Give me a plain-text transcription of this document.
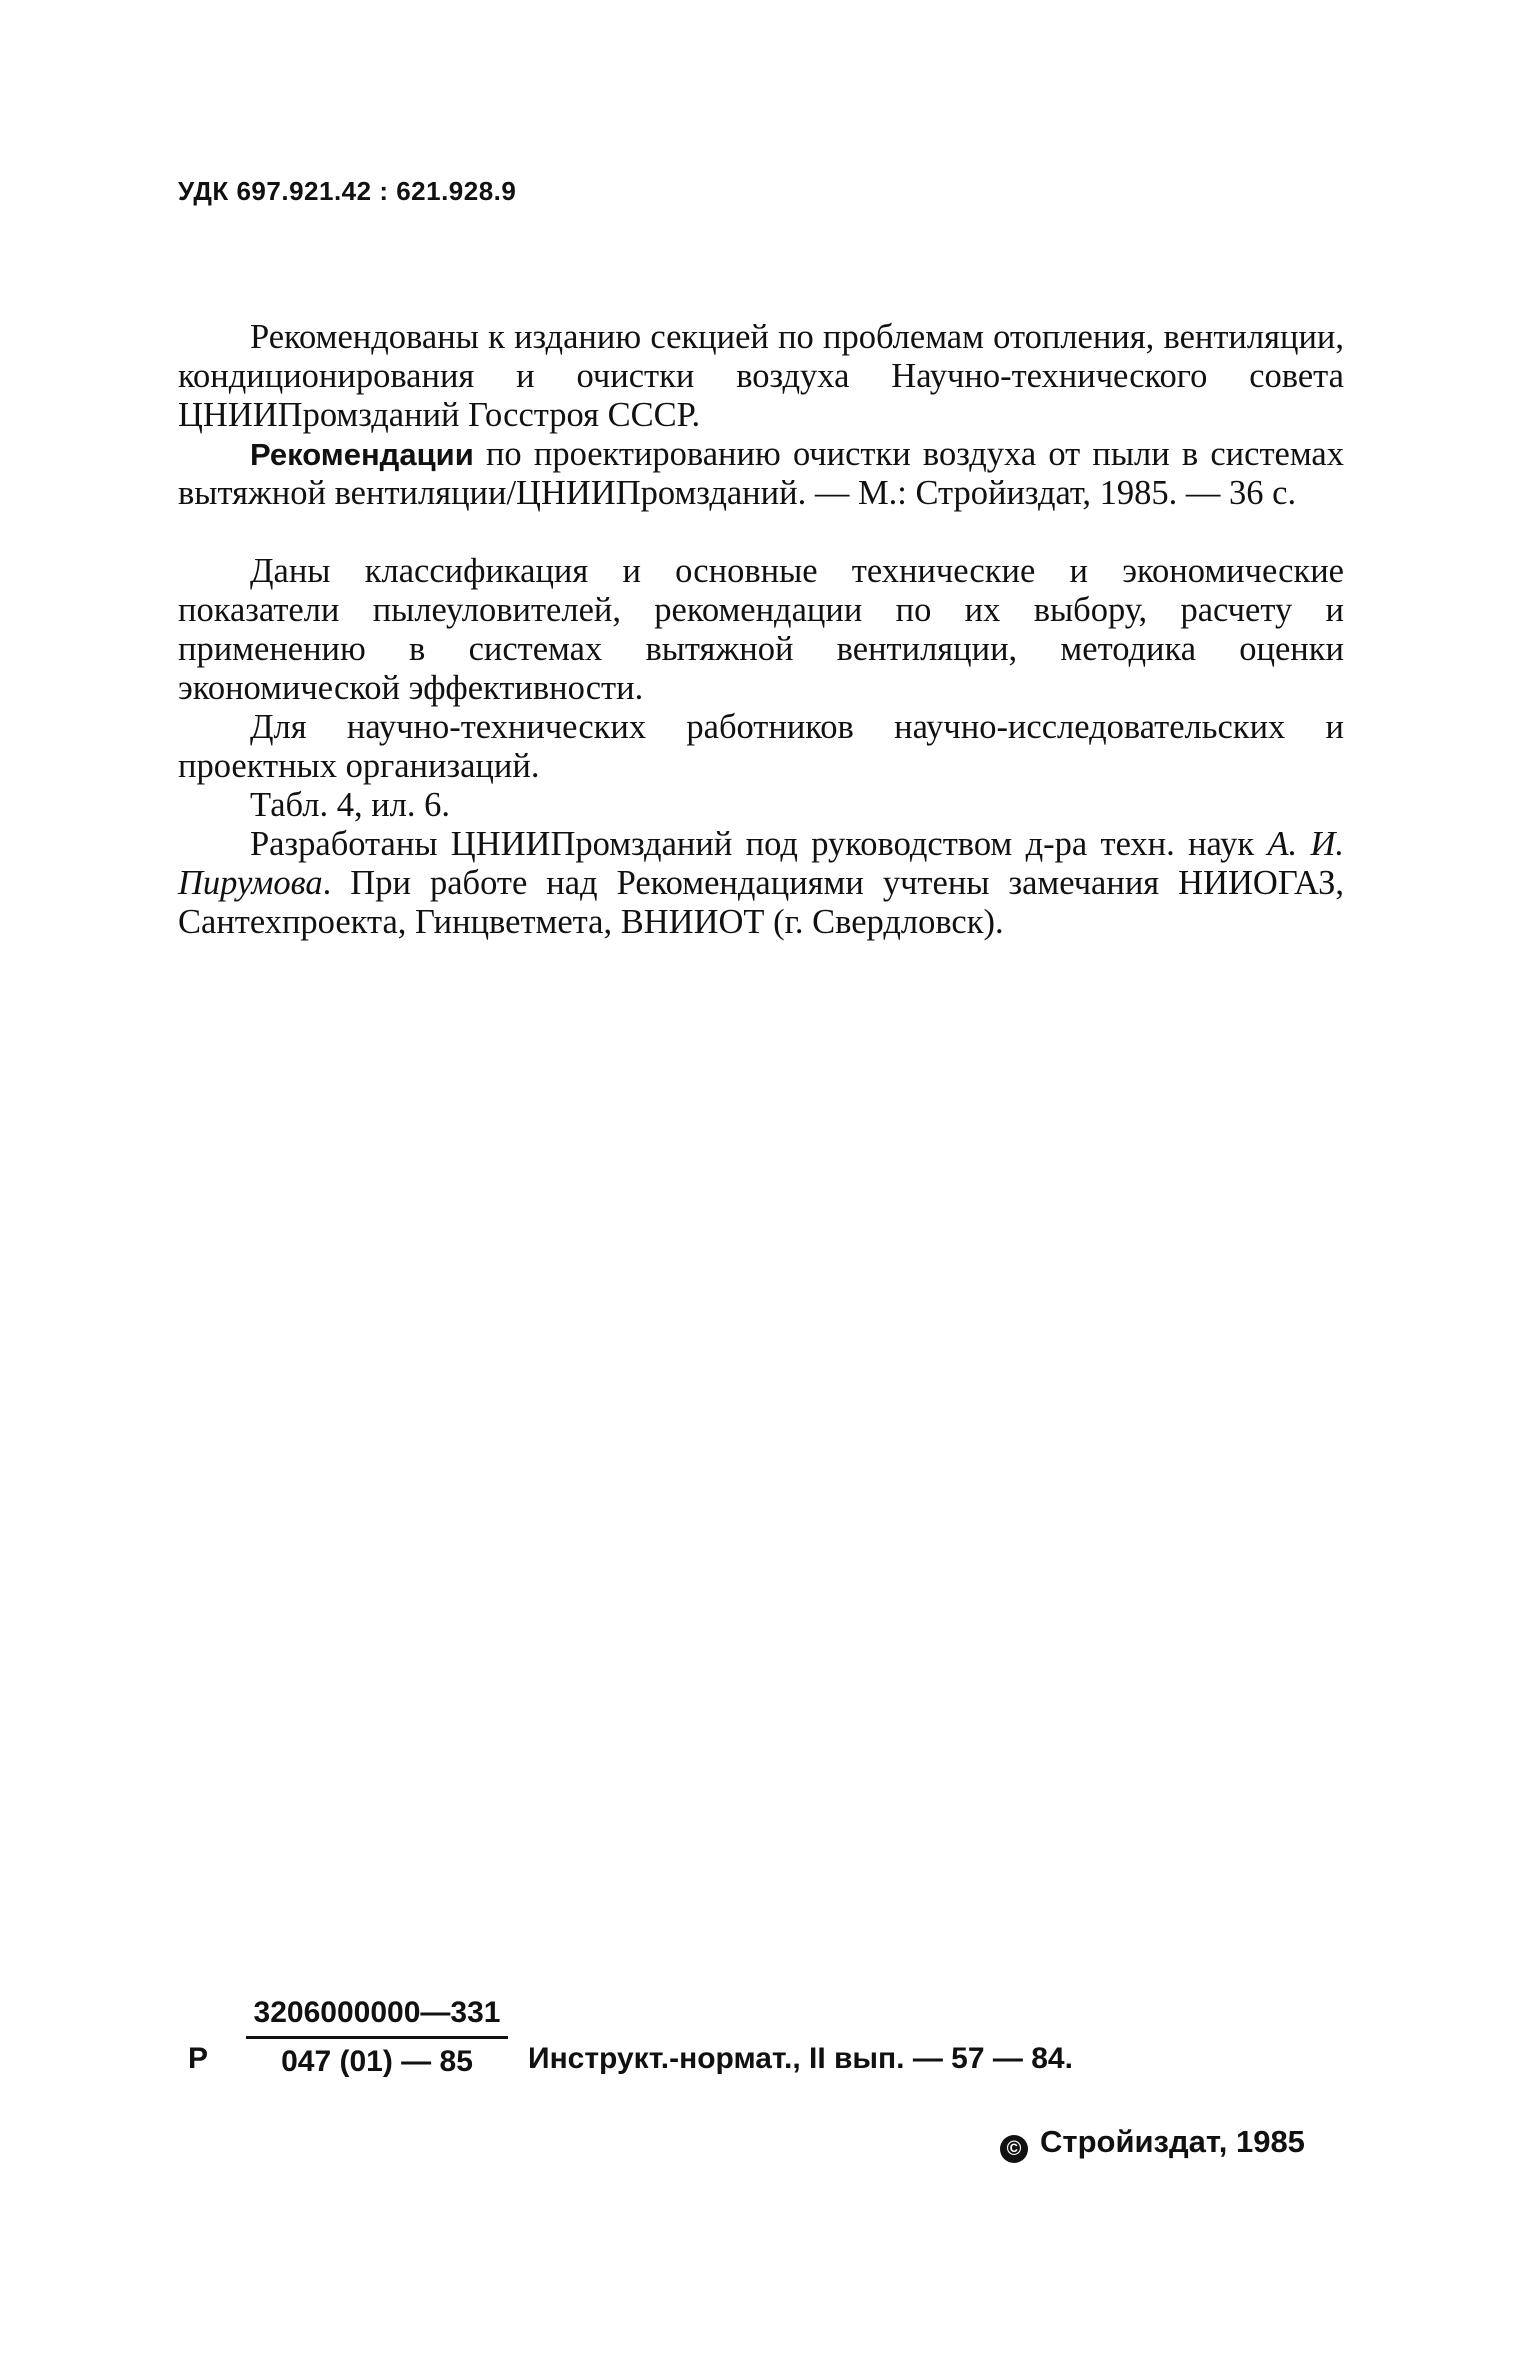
УДК 697.921.42 : 621.928.9

Рекомендованы к изданию секцией по проблемам отопления, вентиляции, кондиционирования и очистки воздуха Научно-технического совета ЦНИИПромзданий Госстроя СССР.

Рекомендации по проектированию очистки воздуха от пыли в системах вытяжной вентиляции/ЦНИИПромзданий. — М.: Стройиздат, 1985. — 36 с.

Даны классификация и основные технические и экономические показатели пылеуловителей, рекомендации по их выбору, расчету и применению в системах вытяжной вентиляции, методика оценки экономической эффективности.

Для научно-технических работников научно-исследовательских и проектных организаций.

Табл. 4, ил. 6.

Разработаны ЦНИИПромзданий под руководством д-ра техн. наук А. И. Пирумова. При работе над Рекомендациями учтены замечания НИИОГАЗ, Сантехпроекта, Гинцветмета, ВНИИОТ (г. Свердловск).

Р
3206000000—331
047 (01) — 85	Инструкт.-нормат., II вып. — 57 — 84.
© Стройиздат, 1985
